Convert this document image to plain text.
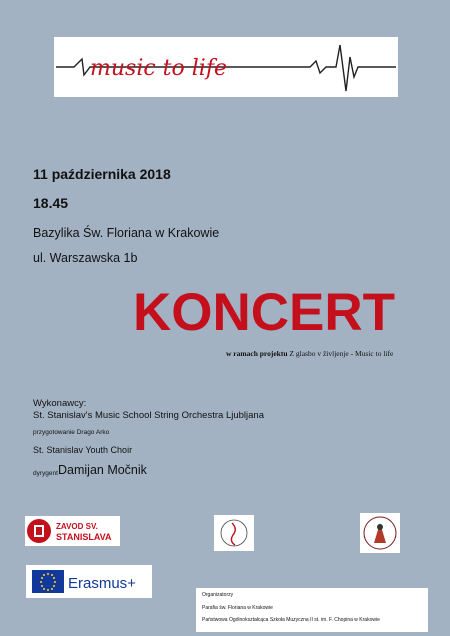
music to life
11 października 2018
18.45
Bazylika Św. Floriana w Krakowie
ul. Warszawska 1b
KONCERT
w ramach projektu Z glasbo v življenje - Music to life
Wykonawcy:
St. Stanislav's Music School String Orchestra Ljubljana
przygotowanie Drago Arko
St. Stanislav Youth Choir
dyrygent Damijan Močnik
ZAVOD SV.
STANISLAVA
Erasmus+
Organizatorzy
Parafia św. Floriana w Krakowie
Państwowa Ogólnokształcąca Szkoła Muzyczna II st. im. F. Chopina w Krakowie
